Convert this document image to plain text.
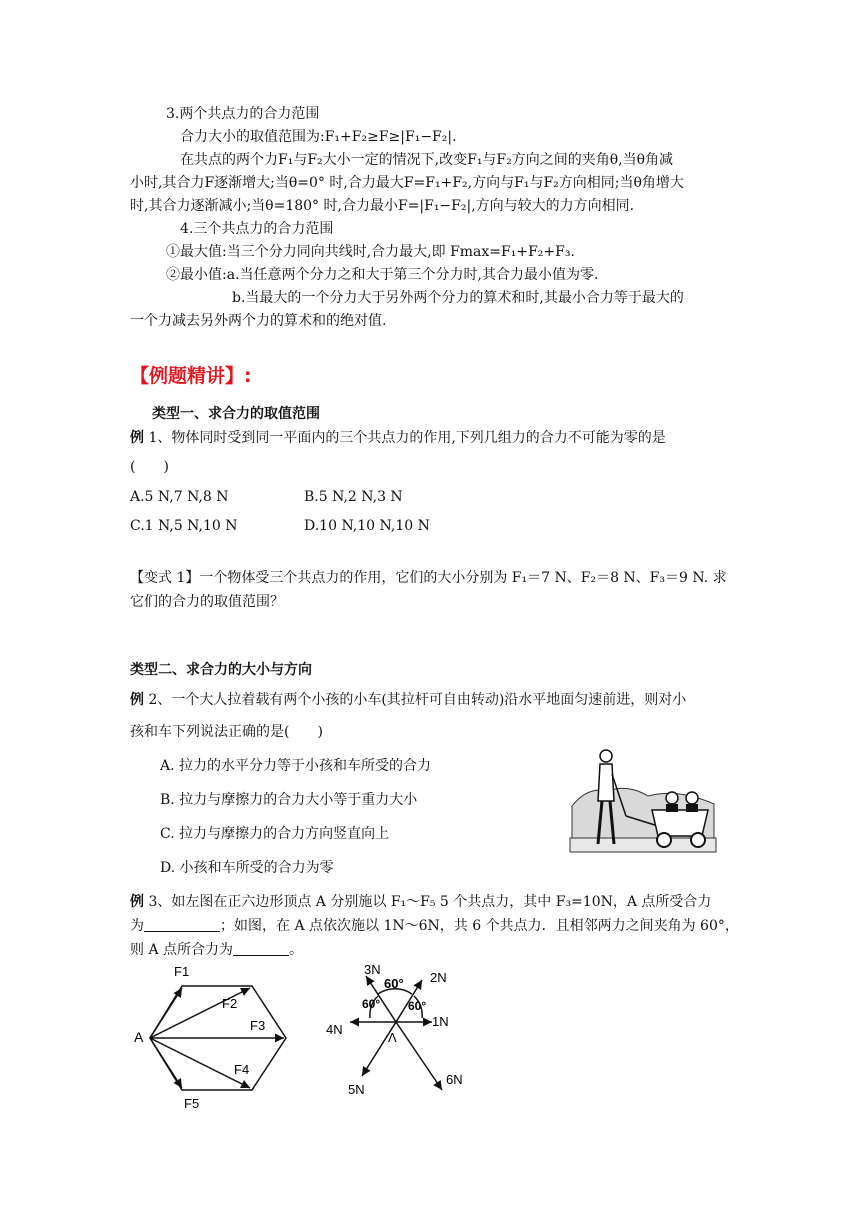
3.两个共点力的合力范围
合力大小的取值范围为:F₁+F₂≥F≥|F₁−F₂|.
在共点的两个力F₁与F₂大小一定的情况下,改变F₁与F₂方向之间的夹角θ,当θ角减
小时,其合力F逐渐增大;当θ=0° 时,合力最大F=F₁+F₂,方向与F₁与F₂方向相同;当θ角增大
时,其合力逐渐减小;当θ=180° 时,合力最小F=|F₁−F₂|,方向与较大的力方向相同.
4.三个共点力的合力范围
①最大值:当三个分力同向共线时,合力最大,即 Fmax=F₁+F₂+F₃.
②最小值:a.当任意两个分力之和大于第三个分力时,其合力最小值为零.
b.当最大的一个分力大于另外两个分力的算术和时,其最小合力等于最大的
一个力减去另外两个力的算术和的绝对值.
【例题精讲】:
类型一、求合力的取值范围
例 1、物体同时受到同一平面内的三个共点力的作用,下列几组力的合力不可能为零的是
(　　)
A.5 N,7 N,8 N	B.5 N,2 N,3 N
C.1 N,5 N,10 N	D.10 N,10 N,10 N
【变式 1】一个物体受三个共点力的作用，它们的大小分别为 F₁＝7 N、F₂＝8 N、F₃＝9 N. 求
它们的合力的取值范围？
类型二、求合力的大小与方向
例 2、一个大人拉着载有两个小孩的小车(其拉杆可自由转动)沿水平地面匀速前进，则对小
孩和车下列说法正确的是(　　)
A. 拉力的水平分力等于小孩和车所受的合力
B. 拉力与摩擦力的合力大小等于重力大小
C. 拉力与摩擦力的合力方向竖直向上
D. 小孩和车所受的合力为零
例 3、如左图在正六边形顶点 A 分别施以 F₁～F₅ 5 个共点力，其中 F₃=10N，A 点所受合力
为	；如图，在 A 点依次施以 1N～6N，共 6 个共点力．且相邻两力之间夹角为 60°，
则 A 点所合力为	。
A
F1
F2
F3
F4
F5
1N
2N
3N
4N
5N
6N
60°
60°
60°
Λ
